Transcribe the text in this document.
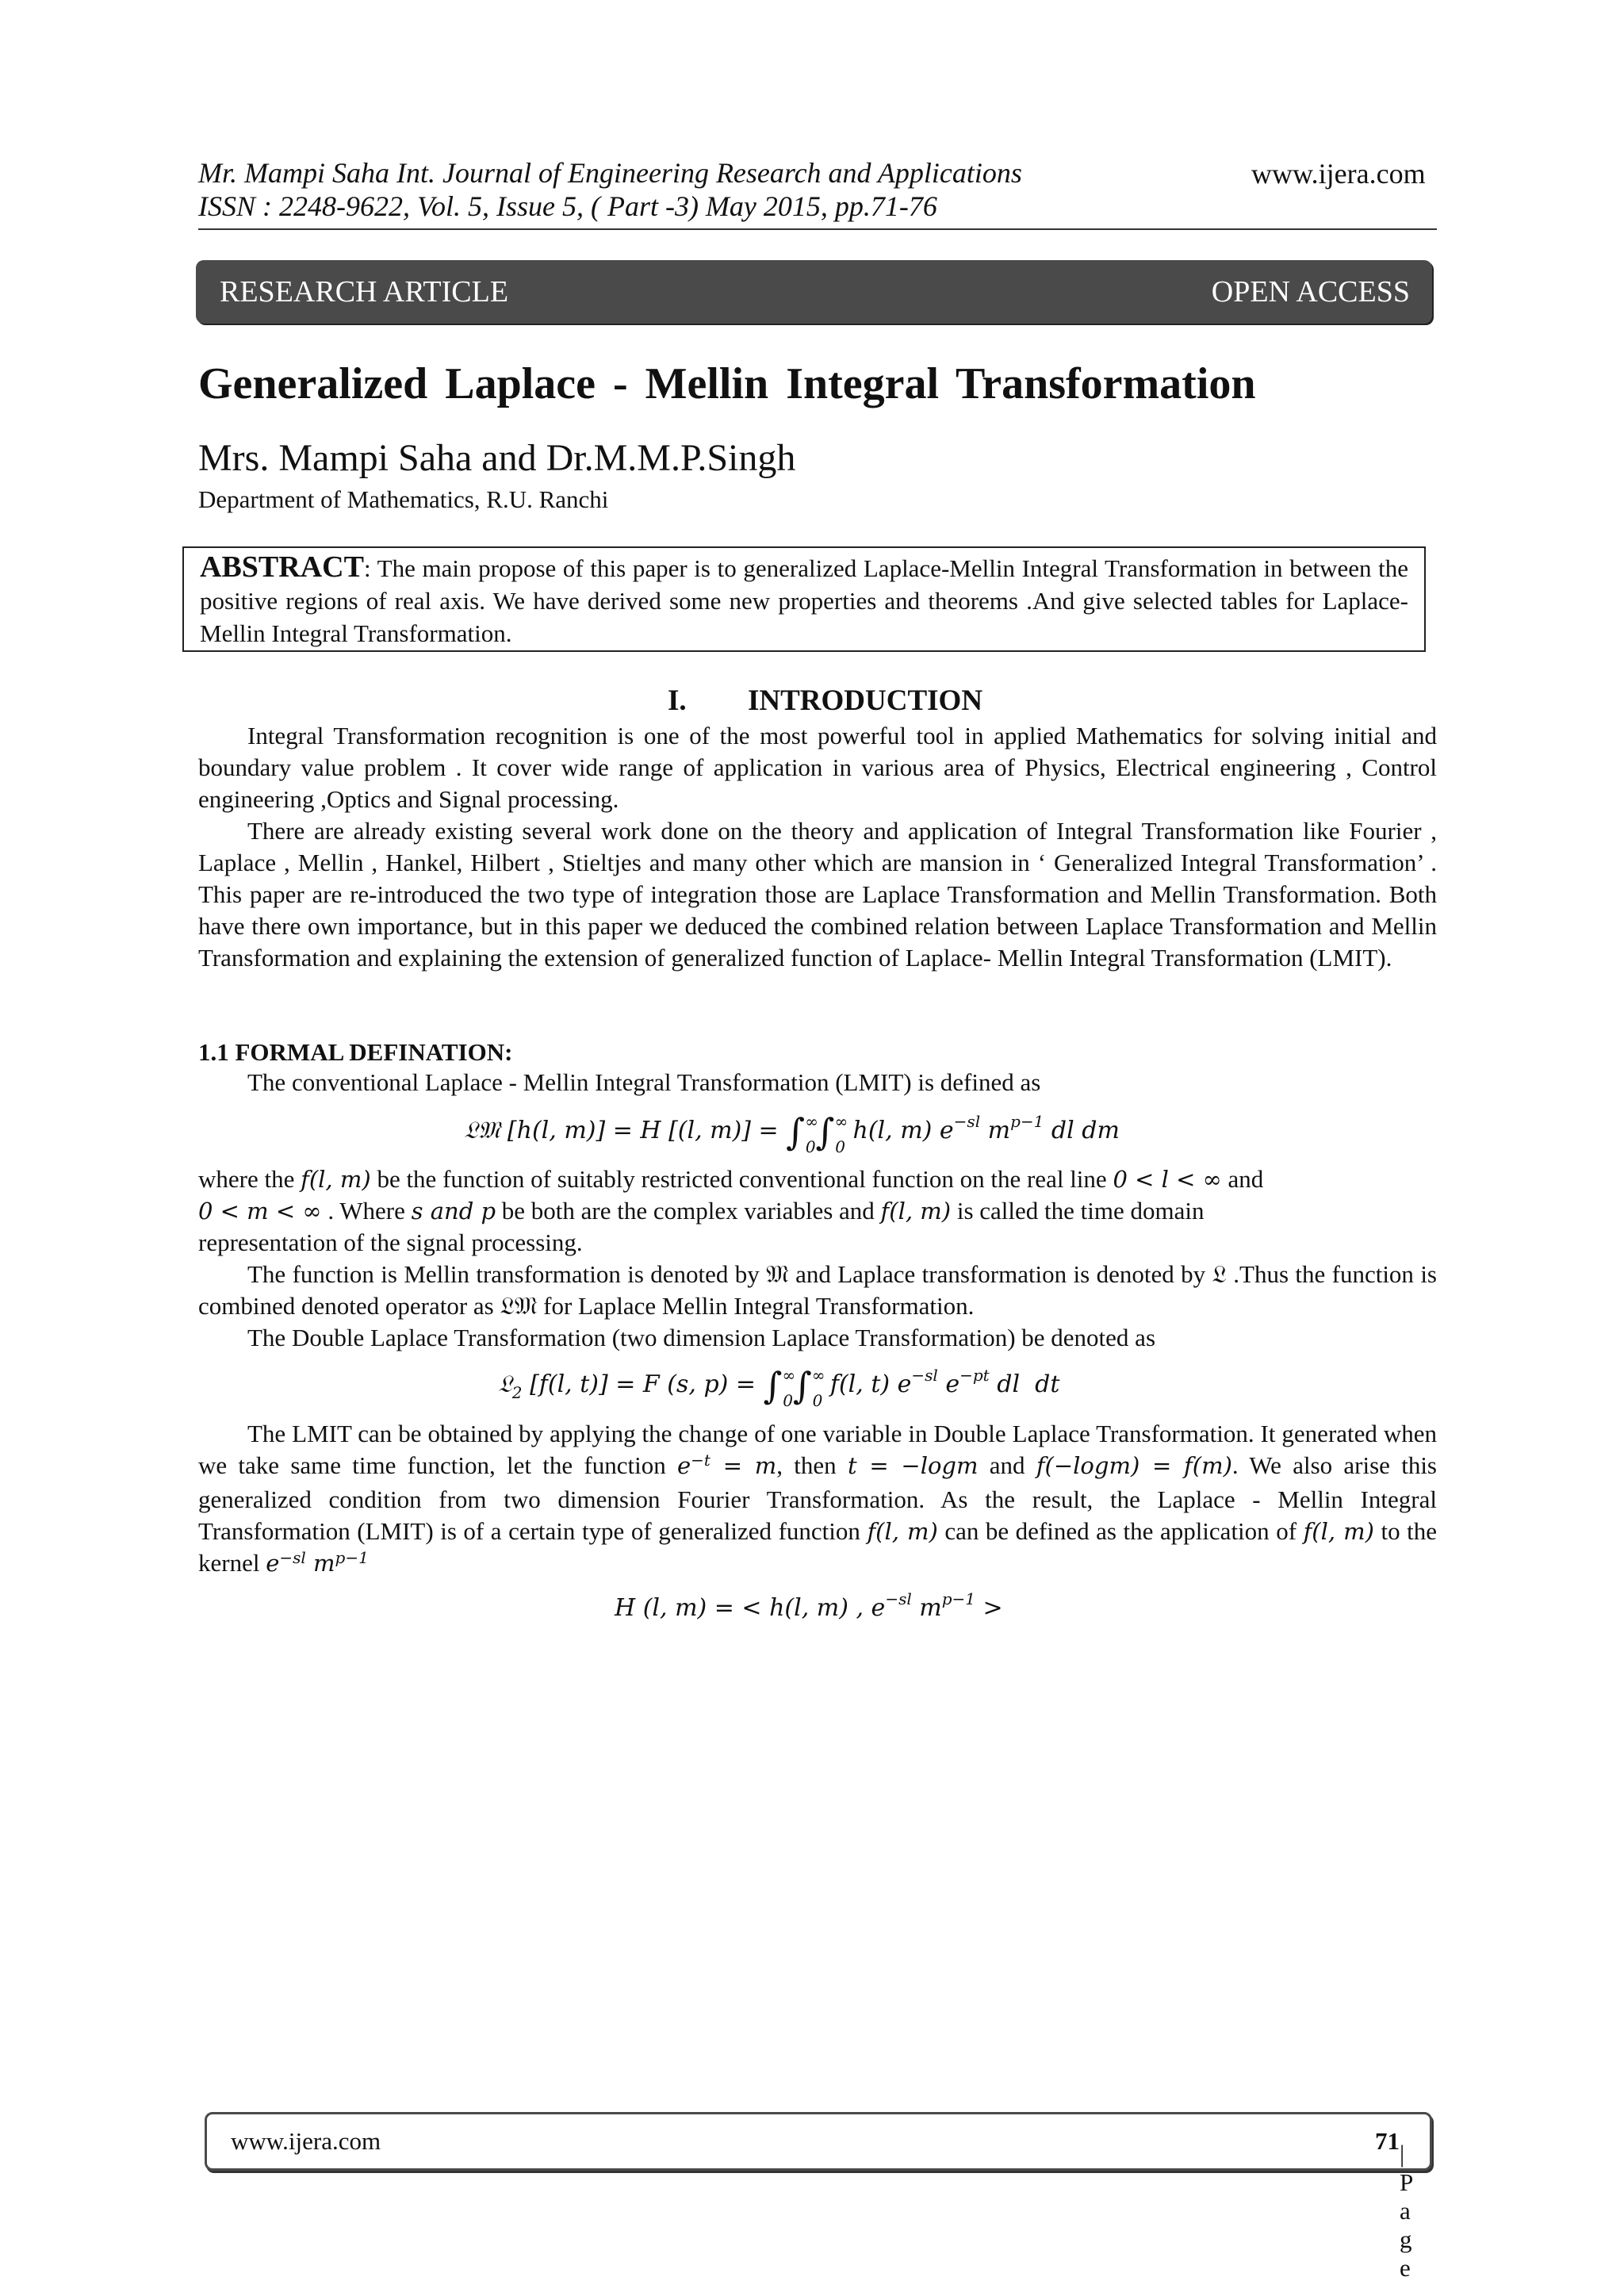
Mr. Mampi Saha Int. Journal of Engineering Research and Applications	www.ijera.com
ISSN : 2248-9622, Vol. 5, Issue 5, ( Part -3) May 2015, pp.71-76
RESEARCH ARTICLE	OPEN ACCESS
Generalized Laplace - Mellin Integral Transformation
Mrs. Mampi Saha and Dr.M.M.P.Singh
Department of Mathematics, R.U. Ranchi
ABSTRACT: The main propose of this paper is to generalized Laplace-Mellin Integral Transformation in between the positive regions of real axis. We have derived some new properties and theorems .And give selected tables for Laplace-Mellin Integral Transformation.
I. INTRODUCTION
Integral Transformation recognition is one of the most powerful tool in applied Mathematics for solving initial and boundary value problem . It cover wide range of application in various area of Physics, Electrical engineering , Control engineering ,Optics and Signal processing.
There are already existing several work done on the theory and application of Integral Transformation like Fourier , Laplace , Mellin , Hankel, Hilbert , Stieltjes and many other which are mansion in ‘ Generalized Integral Transformation’ . This paper are re-introduced the two type of integration those are Laplace Transformation and Mellin Transformation. Both have there own importance, but in this paper we deduced the combined relation between Laplace Transformation and Mellin Transformation and explaining the extension of generalized function of Laplace- Mellin Integral Transformation (LMIT).
1.1 FORMAL DEFINATION:
The conventional Laplace - Mellin Integral Transformation (LMIT) is defined as
𝔏𝔐 [h(l, m)] = H [(l, $m)] = \int^\infty_0\int^\infty_0$ h(l, m) $e^{-sl}$ $m^{p-1}$ dl dm
where the f(l, m) be the function of suitably restricted conventional function on the real line 0 < l < ∞ and
0 < m < ∞ . Where s and p be both are the complex variables and f(l, m) is called the time domain
representation of the signal processing.
The function is Mellin transformation is denoted by 𝔐 and Laplace transformation is denoted by 𝔏 .Thus the function is combined denoted operator as 𝔏𝔐 for Laplace Mellin Integral Transformation.
The Double Laplace Transformation (two dimension Laplace Transformation) be denoted as
𝔏$_2$ [f(l, t)] = F (s, $p) = \int^\infty_0\int^\infty_0$ f(l, t) $e^{-sl}$ $e^{-pt}$ dl  dt
The LMIT can be obtained by applying the change of one variable in Double Laplace Transformation. It generated when we take same time function, let the function $e^{-t} = m$, then t = −logm and f(−logm) = f(m). We also arise this generalized condition from two dimension Fourier Transformation. As the result, the Laplace - Mellin Integral Transformation (LMIT) is of a certain type of generalized function f(l, m) can be defined as the application of f(l, m) to the kernel $e^{-sl}$ $m^{p-1}$
H (l, m) = < h(l, m) , $e^{-sl}$ $m^{p-1}$ >
www.ijera.com	71 | P a g e
